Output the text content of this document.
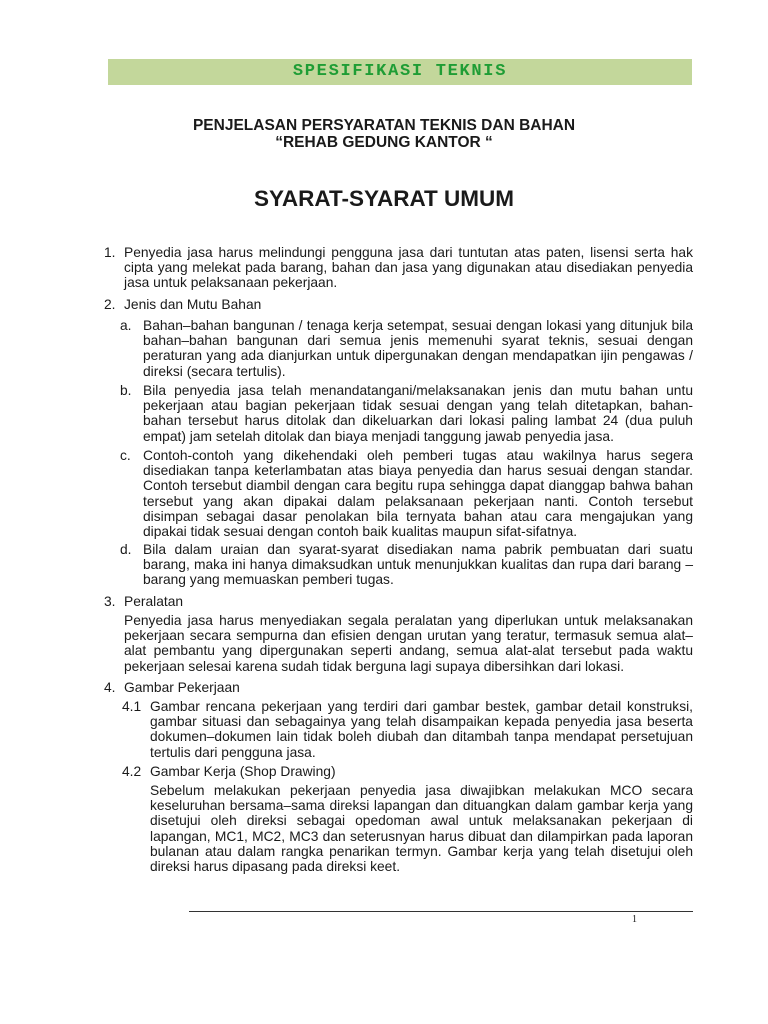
SPESIFIKASI TEKNIS
PENJELASAN PERSYARATAN TEKNIS DAN BAHAN
“REHAB GEDUNG KANTOR “
SYARAT-SYARAT UMUM
1. Penyedia jasa harus melindungi pengguna jasa dari tuntutan atas paten, lisensi serta hak
cipta yang melekat pada barang, bahan dan jasa yang digunakan atau disediakan penyedia
jasa untuk pelaksanaan pekerjaan.
2. Jenis dan Mutu Bahan
a. Bahan–bahan bangunan / tenaga kerja setempat, sesuai dengan lokasi yang ditunjuk bila
bahan–bahan bangunan dari semua jenis memenuhi syarat teknis, sesuai dengan
peraturan yang ada dianjurkan untuk dipergunakan dengan mendapatkan ijin pengawas /
direksi (secara tertulis).
b. Bila penyedia jasa telah menandatangani/melaksanakan jenis dan mutu bahan untu
pekerjaan atau bagian pekerjaan tidak sesuai dengan yang telah ditetapkan, bahan-
bahan tersebut harus ditolak dan dikeluarkan dari lokasi paling lambat 24 (dua puluh
empat) jam setelah ditolak dan biaya menjadi tanggung jawab penyedia jasa.
c. Contoh-contoh yang dikehendaki oleh pemberi tugas atau wakilnya harus segera
disediakan tanpa keterlambatan atas biaya penyedia dan harus sesuai dengan standar.
Contoh tersebut diambil dengan cara begitu rupa sehingga dapat dianggap bahwa bahan
tersebut yang akan dipakai dalam pelaksanaan pekerjaan nanti. Contoh tersebut
disimpan sebagai dasar penolakan bila ternyata bahan atau cara mengajukan yang
dipakai tidak sesuai dengan contoh baik kualitas maupun sifat-sifatnya.
d. Bila dalam uraian dan syarat-syarat disediakan nama pabrik pembuatan dari suatu
barang, maka ini hanya dimaksudkan untuk menunjukkan kualitas dan rupa dari barang –
barang yang memuaskan pemberi tugas.
3. Peralatan
Penyedia jasa harus menyediakan segala peralatan yang diperlukan untuk melaksanakan
pekerjaan secara sempurna dan efisien dengan urutan yang teratur, termasuk semua alat–
alat pembantu yang dipergunakan seperti andang, semua alat-alat tersebut pada waktu
pekerjaan selesai karena sudah tidak berguna lagi supaya dibersihkan dari lokasi.
4. Gambar Pekerjaan
4.1 Gambar rencana pekerjaan yang terdiri dari gambar bestek, gambar detail konstruksi,
gambar situasi dan sebagainya yang telah disampaikan kepada penyedia jasa beserta
dokumen–dokumen lain tidak boleh diubah dan ditambah tanpa mendapat persetujuan
tertulis dari pengguna jasa.
4.2 Gambar Kerja (Shop Drawing)
Sebelum melakukan pekerjaan penyedia jasa diwajibkan melakukan MCO secara
keseluruhan bersama–sama direksi lapangan dan dituangkan dalam gambar kerja yang
disetujui oleh direksi sebagai opedoman awal untuk melaksanakan pekerjaan di
lapangan, MC1, MC2, MC3 dan seterusnyan harus dibuat dan dilampirkan pada laporan
bulanan atau dalam rangka penarikan termyn. Gambar kerja yang telah disetujui oleh
direksi harus dipasang pada direksi keet.
1
